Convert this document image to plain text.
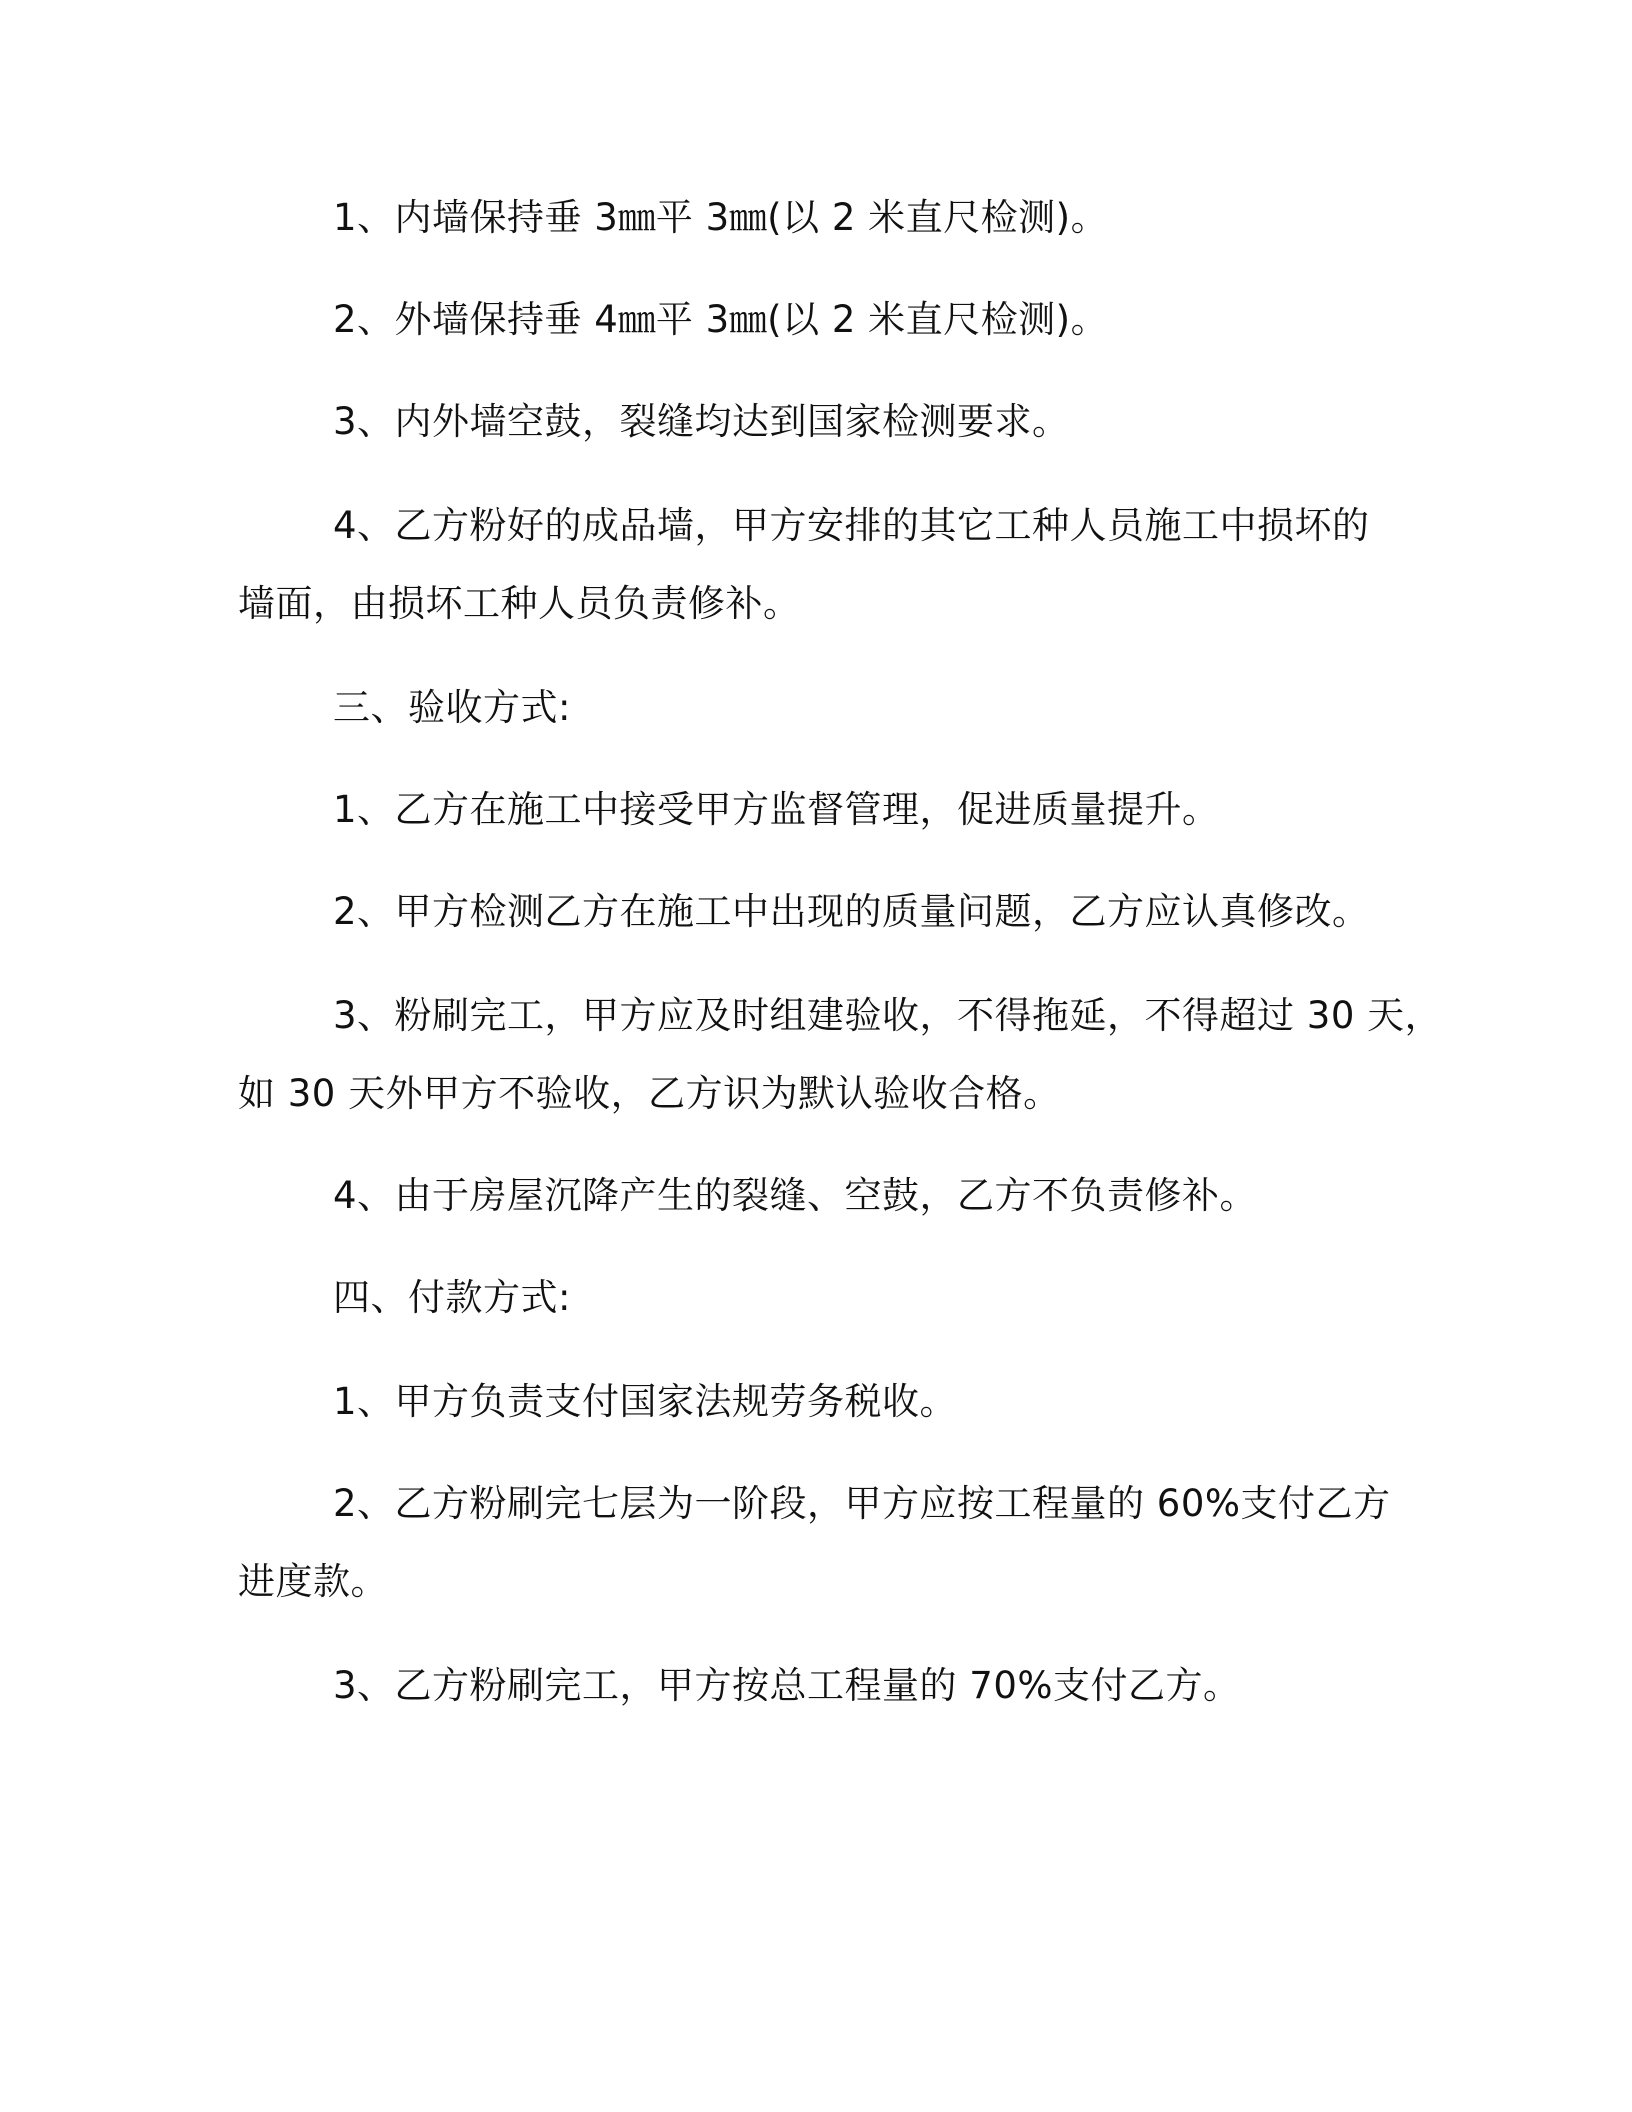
1、内墙保持垂 3㎜平 3㎜(以 2 米直尺检测)。
2、外墙保持垂 4㎜平 3㎜(以 2 米直尺检测)。
3、内外墙空鼓，裂缝均达到国家检测要求。
4、乙方粉好的成品墙，甲方安排的其它工种人员施工中损坏的
墙面，由损坏工种人员负责修补。
三、验收方式:
1、乙方在施工中接受甲方监督管理，促进质量提升。
2、甲方检测乙方在施工中出现的质量问题，乙方应认真修改。
3、粉刷完工，甲方应及时组建验收，不得拖延，不得超过 30 天，
如 30 天外甲方不验收，乙方识为默认验收合格。
4、由于房屋沉降产生的裂缝、空鼓，乙方不负责修补。
四、付款方式:
1、甲方负责支付国家法规劳务税收。
2、乙方粉刷完七层为一阶段，甲方应按工程量的 60%支付乙方
进度款。
3、乙方粉刷完工，甲方按总工程量的 70%支付乙方。
